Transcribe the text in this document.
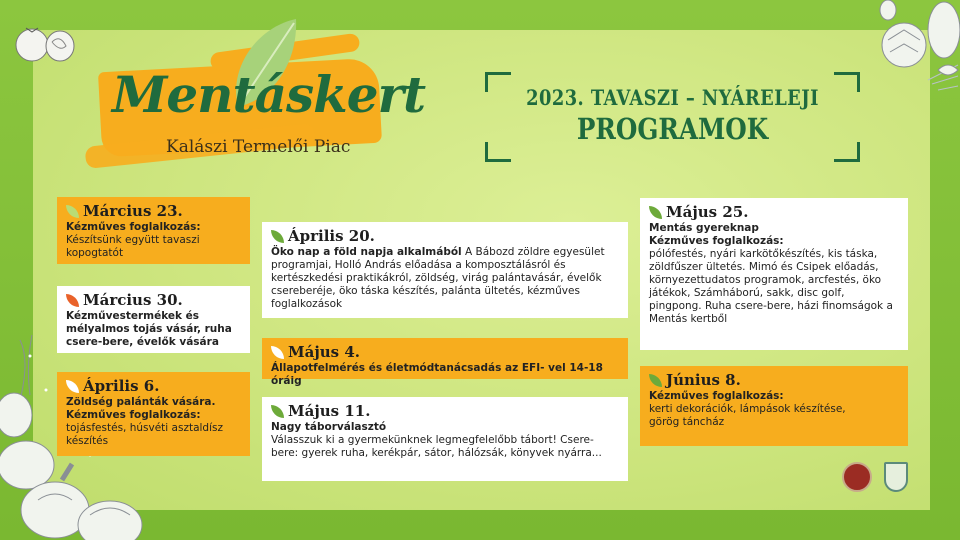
Mentáskert
Kalászi Termelői Piac
2023. TAVASZI – NYÁRELEJI
PROGRAMOK
Március 23.
Kézműves foglalkozás:
Készítsünk együtt tavaszi kopogtatót
Március 30.
Kézművestermékek és mélyalmos tojás vásár, ruha csere-bere, évelők vására
Április 6.
Zöldség palánták vására. Kézműves foglalkozás:
tojásfestés, húsvéti asztaldísz készítés
Április 20.
Öko nap a föld napja alkalmából A Bábozd zöldre egyesület programjai, Holló András előadása a komposztálásról és kertészkedési praktikákról, zöldség, virág palántavásár, évelők csereberéje, öko táska készítés, palánta ültetés, kézműves foglalkozások
Május 4.
Állapotfelmérés és életmódtanácsadás az EFI- vel 14-18 óráig
Május 11.
Nagy táborválasztó
Válasszuk ki a gyermekünknek legmegfelelőbb tábort! Csere-bere: gyerek ruha, kerékpár, sátor, hálózsák, könyvek nyárra...
Május 25.
Mentás gyereknap Kézműves foglalkozás:
pólófestés, nyári karkötőkészítés, kis táska, zöldfűszer ültetés. Mimó és Csipek előadás, környezettudatos programok, arcfestés, öko játékok, Számháború, sakk, disc golf, pingpong. Ruha csere-bere, házi finomságok a Mentás kertből
Június 8.
Kézműves foglalkozás:
kerti dekorációk, lámpások készítése, görög táncház
